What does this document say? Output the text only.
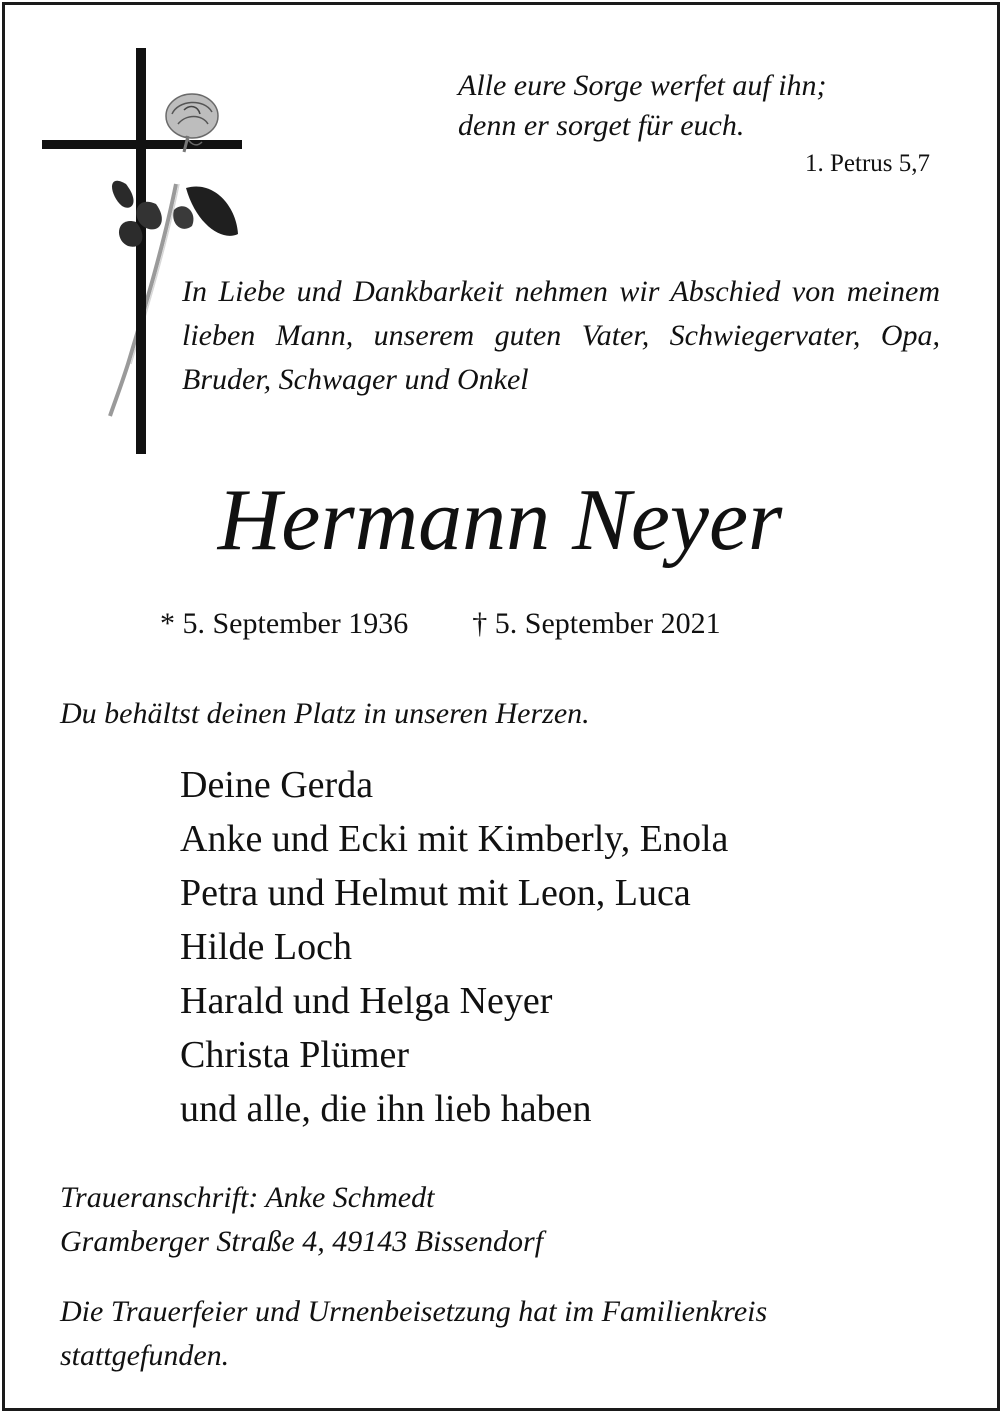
Alle eure Sorge werfet auf ihn;
denn er sorget für euch.
1. Petrus 5,7
In Liebe und Dankbarkeit nehmen wir Abschied von meinem lieben Mann, unserem guten Vater, Schwiegervater, Opa, Bruder, Schwager und Onkel
Hermann Neyer
* 5. September 1936 † 5. September 2021
Du behältst deinen Platz in unseren Herzen.
Deine Gerda
Anke und Ecki mit Kimberly, Enola
Petra und Helmut mit Leon, Luca
Hilde Loch
Harald und Helga Neyer
Christa Plümer
und alle, die ihn lieb haben
Traueranschrift: Anke Schmedt
Gramberger Straße 4, 49143 Bissendorf
Die Trauerfeier und Urnenbeisetzung hat im Familienkreis stattgefunden.
